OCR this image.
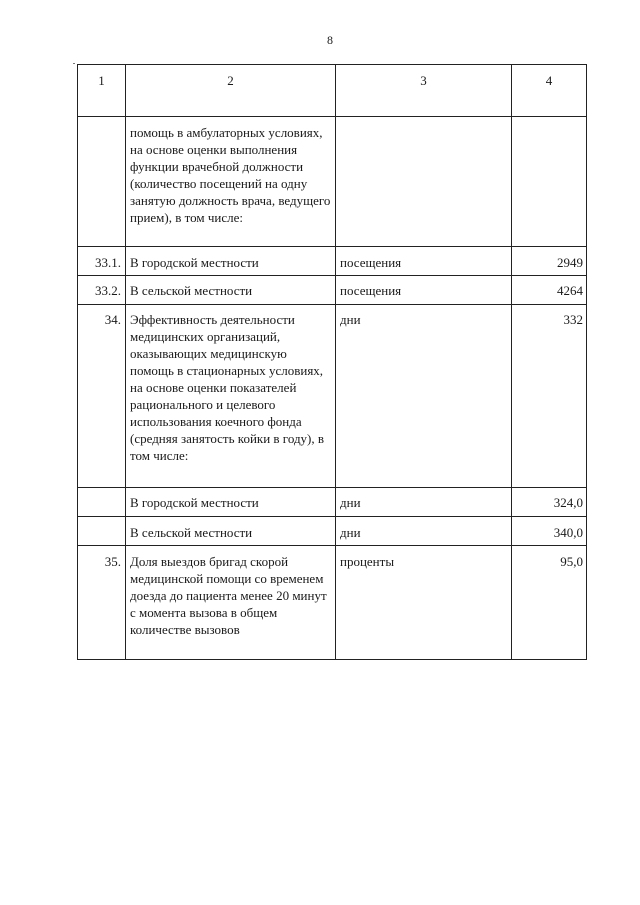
8
1	2	3	4
	помощь в амбулаторных условиях, на основе оценки выполнения функции врачебной должности (количество посещений на одну занятую должность врача, ведущего прием), в том числе:		
33.1.	В городской местности	посещения	2949
33.2.	В сельской местности	посещения	4264
34.	Эффективность деятельности медицинских организаций, оказывающих медицинскую помощь в стационарных условиях, на основе оценки показателей рационального и целевого использования коечного фонда (средняя занятость койки в году), в том числе:	дни	332
	В городской местности	дни	324,0
	В сельской местности	дни	340,0
35.	Доля выездов бригад скорой медицинской помощи со временем доезда до пациента менее 20 минут с момента вызова в общем количестве вызовов	проценты	95,0
